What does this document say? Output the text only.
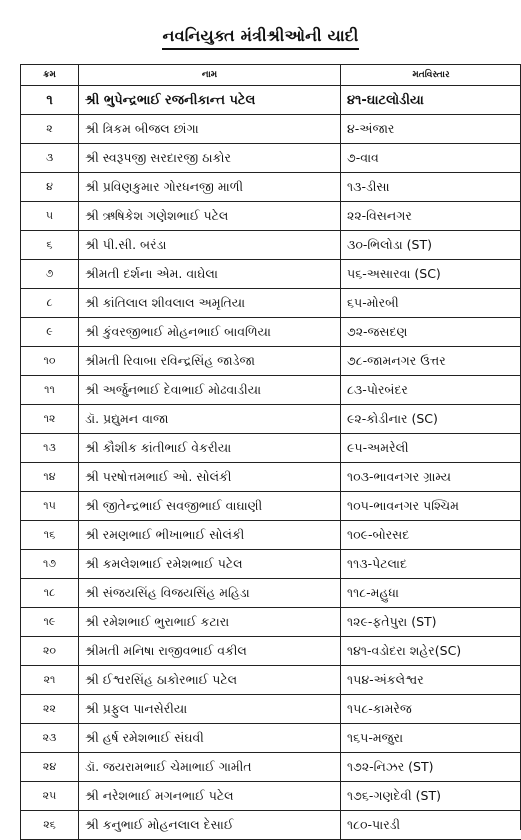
નવનિયુક્ત મંત્રીશ્રીઓની યાદી
ક્રમ	નામ	મતવિસ્તાર
૧	શ્રી ભુપેન્દ્રભાઈ રજનીકાન્ત પટેલ	૪૧-ઘાટલોડીયા
૨	શ્રી ત્રિકમ બીજલ છાંગા	૪-અંજાર
૩	શ્રી સ્વરૂપજી સરદારજી ઠાકોર	૭-વાવ
૪	શ્રી પ્રવિણકુમાર ગોરધનજી માળી	૧૩-ડીસા
૫	શ્રી ઋષિકેશ ગણેશભાઈ પટેલ	૨૨-વિસનગર
૬	શ્રી પી.સી. બરંડા	૩૦-ભિલોડા (ST)
૭	શ્રીમતી દર્શના એમ. વાઘેલા	૫૬-અસારવા (SC)
૮	શ્રી કાંતિલાલ શીવલાલ અમૃતિયા	૬૫-મોરબી
૯	શ્રી કુંવરજીભાઈ મોહનભાઈ બાવળિયા	૭૨-જસદણ
૧૦	શ્રીમતી રિવાબા રવિન્દ્રસિંહ જાડેજા	૭૮-જામનગર ઉત્તર
૧૧	શ્રી અર્જુનભાઈ દેવાભાઈ મોઢવાડીયા	૮૩-પોરબંદર
૧૨	ડૉ. પ્રદ્યુમન વાજા	૯૨-કોડીનાર (SC)
૧૩	શ્રી કૌશીક કાંતીભાઈ વેકરીયા	૯૫-અમરેલી
૧૪	શ્રી પરષોત્તમભાઈ ઓ. સોલંકી	૧૦૩-ભાવનગર ગ્રામ્ય
૧૫	શ્રી જીતેન્દ્રભાઈ સવજીભાઈ વાઘાણી	૧૦૫-ભાવનગર પશ્ચિમ
૧૬	શ્રી રમણભાઈ ભીખાભાઈ સોલંકી	૧૦૯-બોરસદ
૧૭	શ્રી કમલેશભાઈ રમેશભાઈ પટેલ	૧૧૩-પેટલાદ
૧૮	શ્રી સંજયસિંહ વિજયસિંહ મહિડા	૧૧૮-મહુધા
૧૯	શ્રી રમેશભાઈ ભુરાભાઈ કટારા	૧૨૯-ફતેપુરા (ST)
૨૦	શ્રીમતી મનિષા રાજીવભાઈ વકીલ	૧૪૧-વડોદરા શહેર(SC)
૨૧	શ્રી ઈશ્વરસિંહ ઠાકોરભાઈ પટેલ	૧૫૪-અંકલેશ્વર
૨૨	શ્રી પ્રફુલ પાનસેરીયા	૧૫૮-કામરેજ
૨૩	શ્રી હર્ષ રમેશભાઈ સંઘવી	૧૬૫-મજુરા
૨૪	ડૉ. જયરામભાઈ ચેમાભાઈ ગામીત	૧૭૨-નિઝર (ST)
૨૫	શ્રી નરેશભાઈ મગનભાઈ પટેલ	૧૭૬-ગણદેવી (ST)
૨૬	શ્રી કનુભાઈ મોહનલાલ દેસાઈ	૧૮૦-પારડી
